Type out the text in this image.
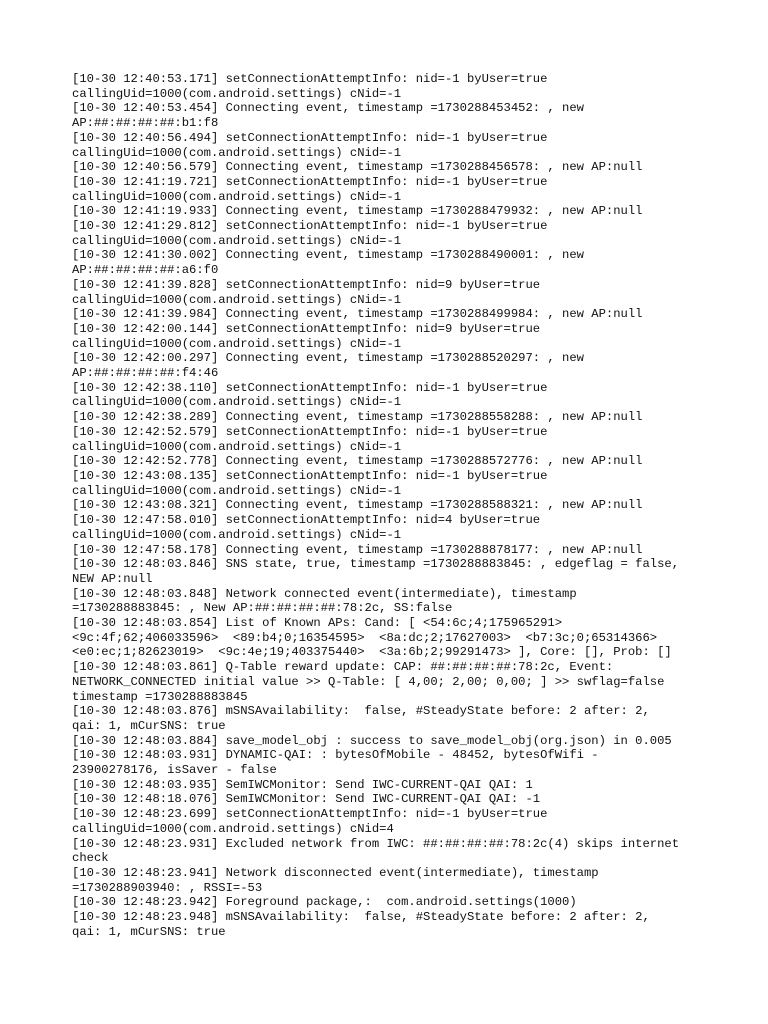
[10-30 12:40:53.171] setConnectionAttemptInfo: nid=-1 byUser=true
callingUid=1000(com.android.settings) cNid=-1
[10-30 12:40:53.454] Connecting event, timestamp =1730288453452: , new
AP:##:##:##:##:b1:f8
[10-30 12:40:56.494] setConnectionAttemptInfo: nid=-1 byUser=true
callingUid=1000(com.android.settings) cNid=-1
[10-30 12:40:56.579] Connecting event, timestamp =1730288456578: , new AP:null
[10-30 12:41:19.721] setConnectionAttemptInfo: nid=-1 byUser=true
callingUid=1000(com.android.settings) cNid=-1
[10-30 12:41:19.933] Connecting event, timestamp =1730288479932: , new AP:null
[10-30 12:41:29.812] setConnectionAttemptInfo: nid=-1 byUser=true
callingUid=1000(com.android.settings) cNid=-1
[10-30 12:41:30.002] Connecting event, timestamp =1730288490001: , new
AP:##:##:##:##:a6:f0
[10-30 12:41:39.828] setConnectionAttemptInfo: nid=9 byUser=true
callingUid=1000(com.android.settings) cNid=-1
[10-30 12:41:39.984] Connecting event, timestamp =1730288499984: , new AP:null
[10-30 12:42:00.144] setConnectionAttemptInfo: nid=9 byUser=true
callingUid=1000(com.android.settings) cNid=-1
[10-30 12:42:00.297] Connecting event, timestamp =1730288520297: , new
AP:##:##:##:##:f4:46
[10-30 12:42:38.110] setConnectionAttemptInfo: nid=-1 byUser=true
callingUid=1000(com.android.settings) cNid=-1
[10-30 12:42:38.289] Connecting event, timestamp =1730288558288: , new AP:null
[10-30 12:42:52.579] setConnectionAttemptInfo: nid=-1 byUser=true
callingUid=1000(com.android.settings) cNid=-1
[10-30 12:42:52.778] Connecting event, timestamp =1730288572776: , new AP:null
[10-30 12:43:08.135] setConnectionAttemptInfo: nid=-1 byUser=true
callingUid=1000(com.android.settings) cNid=-1
[10-30 12:43:08.321] Connecting event, timestamp =1730288588321: , new AP:null
[10-30 12:47:58.010] setConnectionAttemptInfo: nid=4 byUser=true
callingUid=1000(com.android.settings) cNid=-1
[10-30 12:47:58.178] Connecting event, timestamp =1730288878177: , new AP:null
[10-30 12:48:03.846] SNS state, true, timestamp =1730288883845: , edgeflag = false,
NEW AP:null
[10-30 12:48:03.848] Network connected event(intermediate), timestamp
=1730288883845: , New AP:##:##:##:##:78:2c, SS:false
[10-30 12:48:03.854] List of Known APs: Cand: [ <54:6c;4;175965291>
<9c:4f;62;406033596>  <89:b4;0;16354595>  <8a:dc;2;17627003>  <b7:3c;0;65314366>
<e0:ec;1;82623019>  <9c:4e;19;403375440>  <3a:6b;2;99291473> ], Core: [], Prob: []
[10-30 12:48:03.861] Q-Table reward update: CAP: ##:##:##:##:78:2c, Event:
NETWORK_CONNECTED initial value >> Q-Table: [ 4,00; 2,00; 0,00; ] >> swflag=false
timestamp =1730288883845
[10-30 12:48:03.876] mSNSAvailability:  false, #SteadyState before: 2 after: 2,
qai: 1, mCurSNS: true
[10-30 12:48:03.884] save_model_obj : success to save_model_obj(org.json) in 0.005
[10-30 12:48:03.931] DYNAMIC-QAI: : bytesOfMobile - 48452, bytesOfWifi -
23900278176, isSaver - false
[10-30 12:48:03.935] SemIWCMonitor: Send IWC-CURRENT-QAI QAI: 1
[10-30 12:48:18.076] SemIWCMonitor: Send IWC-CURRENT-QAI QAI: -1
[10-30 12:48:23.699] setConnectionAttemptInfo: nid=-1 byUser=true
callingUid=1000(com.android.settings) cNid=4
[10-30 12:48:23.931] Excluded network from IWC: ##:##:##:##:78:2c(4) skips internet
check
[10-30 12:48:23.941] Network disconnected event(intermediate), timestamp
=1730288903940: , RSSI=-53
[10-30 12:48:23.942] Foreground package,:  com.android.settings(1000)
[10-30 12:48:23.948] mSNSAvailability:  false, #SteadyState before: 2 after: 2,
qai: 1, mCurSNS: true
